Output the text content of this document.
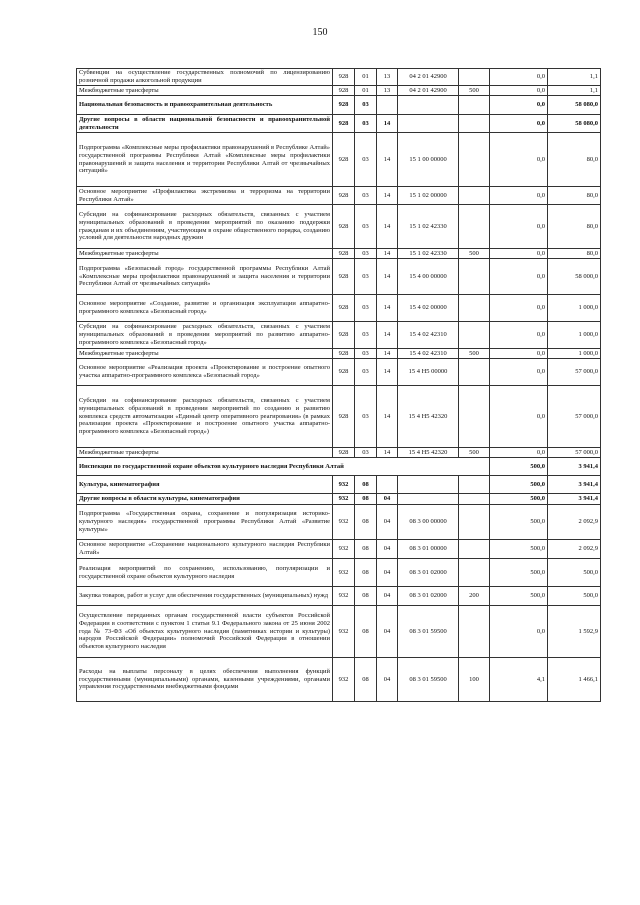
150
Субвенции на осуществление государственных полномочий по лицензированию розничной продажи алкогольной продукции	928	01	13	04 2 01 42900		0,0	1,1
Межбюджетные трансферты	928	01	13	04 2 01 42900	500	0,0	1,1
Национальная безопасность и правоохранительная деятельность	928	03				0,0	58 080,0
Другие вопросы в области национальной безопасности и правоохранительной деятельности	928	03	14			0,0	58 080,0
Подпрограмма «Комплексные меры профилактики правонарушений в Республике Алтай» государственной программы Республики Алтай «Комплексные меры профилактики правонарушений и защита населения и территории Республики Алтай от чрезвычайных ситуаций»	928	03	14	15 1 00 00000		0,0	80,0
Основное мероприятие «Профилактика экстремизма и терроризма на территории Республики Алтай»	928	03	14	15 1 02 00000		0,0	80,0
Субсидии на софинансирование расходных обязательств, связанных с участием муниципальных образований в проведении мероприятий по оказанию поддержки гражданам и их объединениям, участвующим в охране общественного порядка, созданию условий для деятельности народных дружин	928	03	14	15 1 02 42330		0,0	80,0
Межбюджетные трансферты	928	03	14	15 1 02 42330	500	0,0	80,0
Подпрограмма «Безопасный город» государственной программы Республики Алтай «Комплексные меры профилактики правонарушений и защита населения и территории Республики Алтай от чрезвычайных ситуаций»	928	03	14	15 4 00 00000		0,0	58 000,0
Основное мероприятие «Создание, развитие и организация эксплуатации аппаратно-программного комплекса «Безопасный город»	928	03	14	15 4 02 00000		0,0	1 000,0
Субсидии на софинансирование расходных обязательств, связанных с участием муниципальных образований в проведении мероприятий по развитию аппаратно-программного комплекса «Безопасный город»	928	03	14	15 4 02 42310		0,0	1 000,0
Межбюджетные трансферты	928	03	14	15 4 02 42310	500	0,0	1 000,0
Основное мероприятие «Реализация проекта «Проектирование и построение опытного участка аппаратно-программного комплекса «Безопасный город»	928	03	14	15 4 Н5 00000		0,0	57 000,0
Субсидии на софинансирование расходных обязательств, связанных с участием муниципальных образований в проведении мероприятий по созданию и развитию комплекса средств автоматизации «Единый центр оперативного реагирования» (в рамках реализации проекта «Проектирование и построение опытного участка аппаратно-программного комплекса «Безопасный город»)	928	03	14	15 4 Н5 42320		0,0	57 000,0
Межбюджетные трансферты	928	03	14	15 4 Н5 42320	500	0,0	57 000,0
Инспекция по государственной охране объектов культурного наследия Республики Алтай						500,0	3 941,4
Культура, кинематография	932	08				500,0	3 941,4
Другие вопросы в области культуры, кинематографии	932	08	04			500,0	3 941,4
Подпрограмма «Государственная охрана, сохранение и популяризация историко-культурного наследия» государственной программы Республики Алтай «Развитие культуры»	932	08	04	08 3 00 00000		500,0	2 092,9
Основное мероприятие «Сохранение национального культурного наследия Республики Алтай»	932	08	04	08 3 01 00000		500,0	2 092,9
Реализация мероприятий по сохранению, использованию, популяризации и государственной охране объектов культурного наследия	932	08	04	08 3 01 02000		500,0	500,0
Закупка товаров, работ и услуг для обеспечения государственных (муниципальных) нужд	932	08	04	08 3 01 02000	200	500,0	500,0
Осуществление переданных органам государственной власти субъектов Российской Федерации в соответствии с пунктом 1 статьи 9.1 Федерального закона от 25 июня 2002 года № 73-ФЗ «Об объектах культурного наследия (памятниках истории и культуры) народов Российской Федерации» полномочий Российской Федерации в отношении объектов культурного наследия	932	08	04	08 3 01 59500		0,0	1 592,9
Расходы на выплаты персоналу в целях обеспечения выполнения функций государственными (муниципальными) органами, казенными учреждениями, органами управления государственными внебюджетными фондами	932	08	04	08 3 01 59500	100	4,1	1 466,1
